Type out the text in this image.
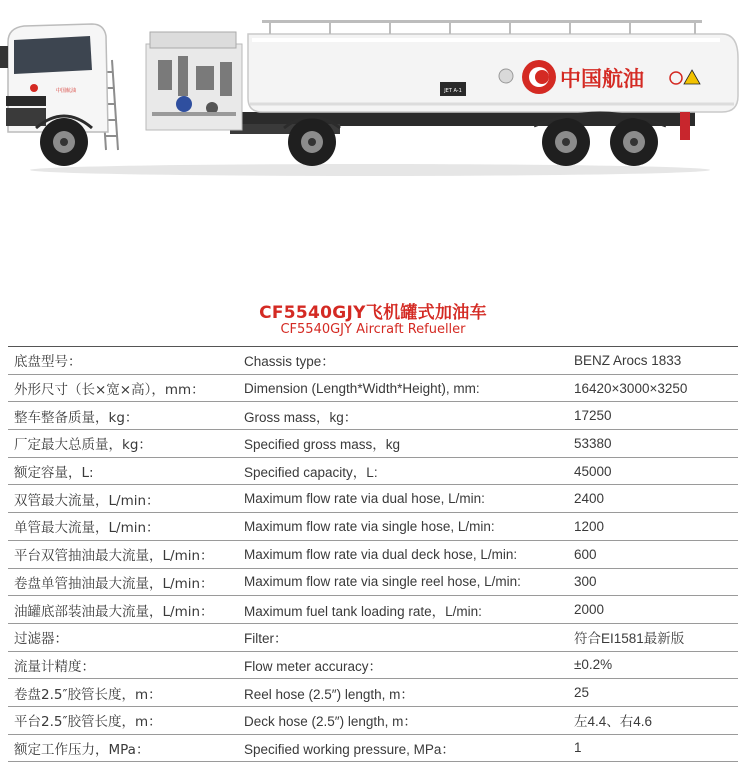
中国航油
JET A-1
中国航油
CF5540GJY飞机罐式加油车
CF5540GJY Aircraft Refueller
底盘型号：	Chassis type：	BENZ Arocs 1833
外形尺寸（长×宽×高），mm：	Dimension (Length*Width*Height), mm:	16420×3000×3250
整车整备质量，kg：	Gross mass，kg：	17250
厂定最大总质量，kg：	Specified gross mass，kg	53380
额定容量，L:	Specified capacity，L:	45000
双管最大流量，L/min：	Maximum flow rate via dual hose, L/min:	2400
单管最大流量，L/min：	Maximum flow rate via single hose, L/min:	1200
平台双管抽油最大流量，L/min：	Maximum flow rate via dual deck hose, L/min:	600
卷盘单管抽油最大流量，L/min：	Maximum flow rate via single reel hose, L/min:	300
油罐底部装油最大流量，L/min：	Maximum fuel tank loading rate，L/min:	2000
过滤器：	Filter：	符合EI1581最新版
流量计精度：	Flow meter accuracy：	±0.2%
卷盘2.5″胶管长度，m：	Reel hose (2.5″) length, m：	25
平台2.5″胶管长度，m：	Deck hose (2.5″) length, m：	左4.4、右4.6
额定工作压力，MPa：	Specified working pressure, MPa：	1
